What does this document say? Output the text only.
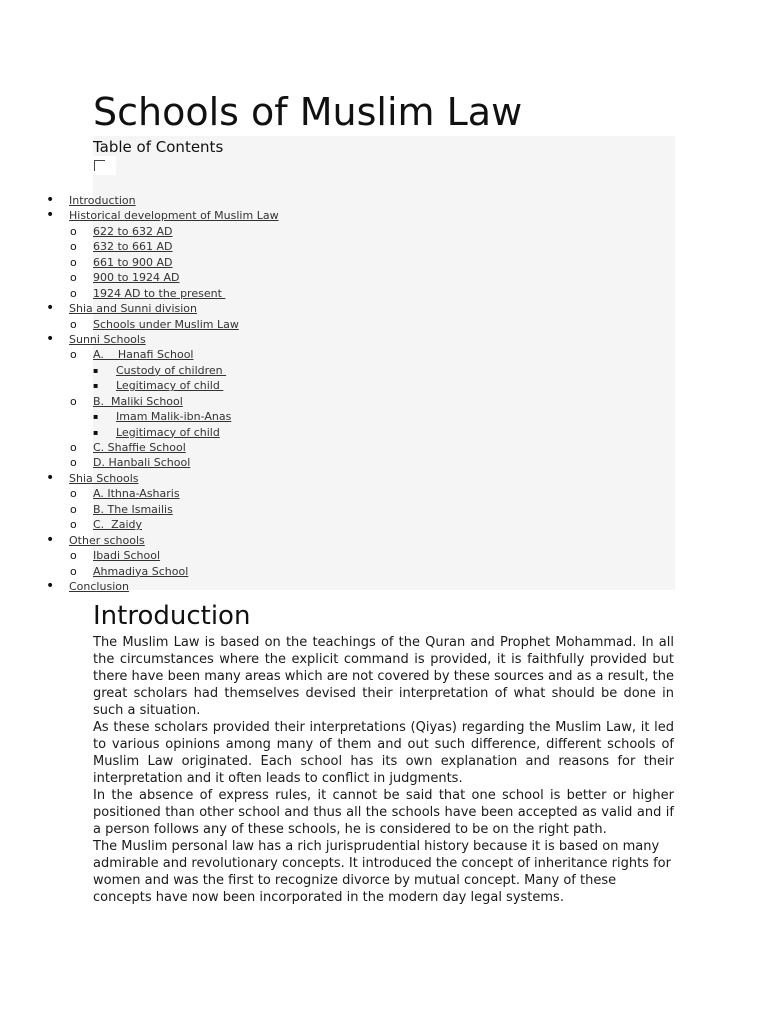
Schools of Muslim Law
Table of Contents
• Introduction
• Historical development of Muslim Law
o 622 to 632 AD
o 632 to 661 AD
o 661 to 900 AD
o 900 to 1924 AD
o 1924 AD to the present
• Shia and Sunni division
o Schools under Muslim Law
• Sunni Schools
o A.    Hanafi School
▪ Custody of children
▪ Legitimacy of child
o B.  Maliki School
▪ Imam Malik-ibn-Anas
▪ Legitimacy of child
o C. Shaffie School
o D. Hanbali School
• Shia Schools
o A. Ithna-Asharis
o B. The Ismailis
o C.  Zaidy
• Other schools
o Ibadi School
o Ahmadiya School
• Conclusion
Introduction

The Muslim Law is based on the teachings of the Quran and Prophet Mohammad. In all the circumstances where the explicit command is provided, it is faithfully provided but there have been many areas which are not covered by these sources and as a result, the great scholars had themselves devised their interpretation of what should be done in such a situation.

As these scholars provided their interpretations (Qiyas) regarding the Muslim Law, it led to various opinions among many of them and out such difference, different schools of Muslim Law originated. Each school has its own explanation and reasons for their interpretation and it often leads to conflict in judgments.

In the absence of express rules, it cannot be said that one school is better or higher positioned than other school and thus all the schools have been accepted as valid and if a person follows any of these schools, he is considered to be on the right path.

The Muslim personal law has a rich jurisprudential history because it is based on many admirable and revolutionary concepts. It introduced the concept of inheritance rights for women and was the first to recognize divorce by mutual concept. Many of these concepts have now been incorporated in the modern day legal systems.
